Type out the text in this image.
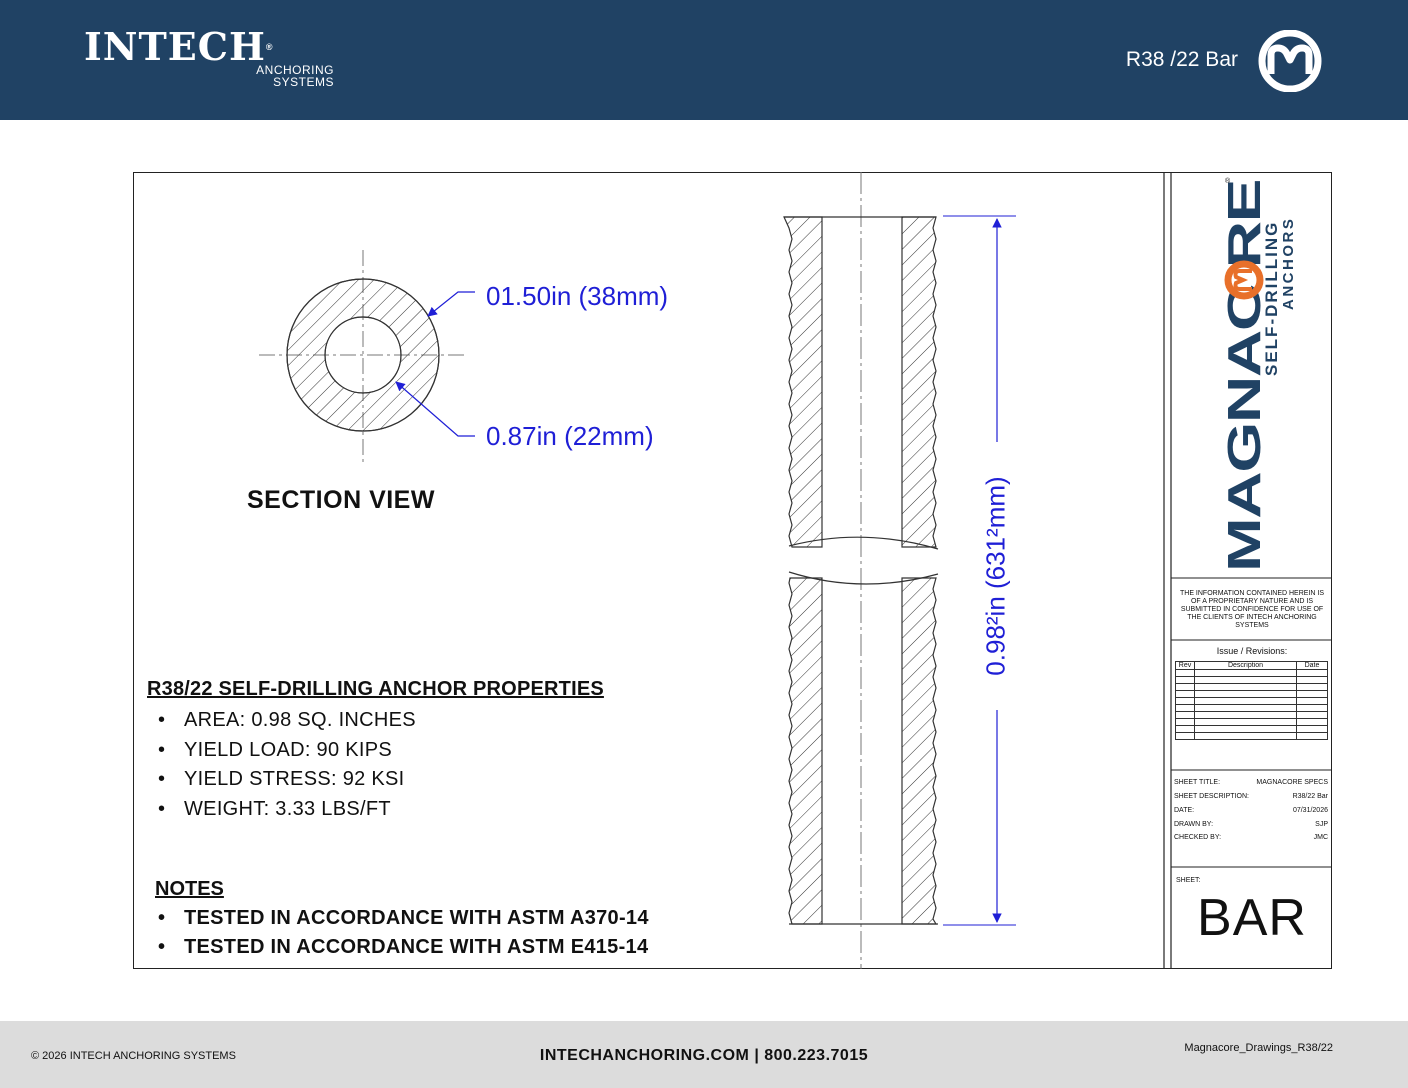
INTECH®
ANCHORING
SYSTEMS
R38 /22 Bar
MAGNAC RE
SELF-DRILLING ANCHORS
01.50in (38mm)
0.87in (22mm)
0.98²in (631²mm)
SECTION VIEW
R38/22 SELF-DRILLING ANCHOR PROPERTIES
• AREA: 0.98 SQ. INCHES
• YIELD LOAD: 90 KIPS
• YIELD STRESS: 92 KSI
• WEIGHT: 3.33 LBS/FT
NOTES
• TESTED IN ACCORDANCE WITH ASTM A370-14
• TESTED IN ACCORDANCE WITH ASTM E415-14
®
THE INFORMATION CONTAINED HEREIN IS OF A PROPRIETARY NATURE AND IS SUBMITTED IN CONFIDENCE FOR USE OF THE CLIENTS OF INTECH ANCHORING SYSTEMS
Issue / Revisions:
Rev	Description	Date

SHEET TITLE:	MAGNACORE SPECS
SHEET DESCRIPTION:	R38/22 Bar
DATE:	07/31/2026
DRAWN BY:	SJP
CHECKED BY:	JMC
SHEET:
BAR
© 2026 INTECH ANCHORING SYSTEMS	INTECHANCHORING.COM | 800.223.7015	Magnacore_Drawings_R38/22
